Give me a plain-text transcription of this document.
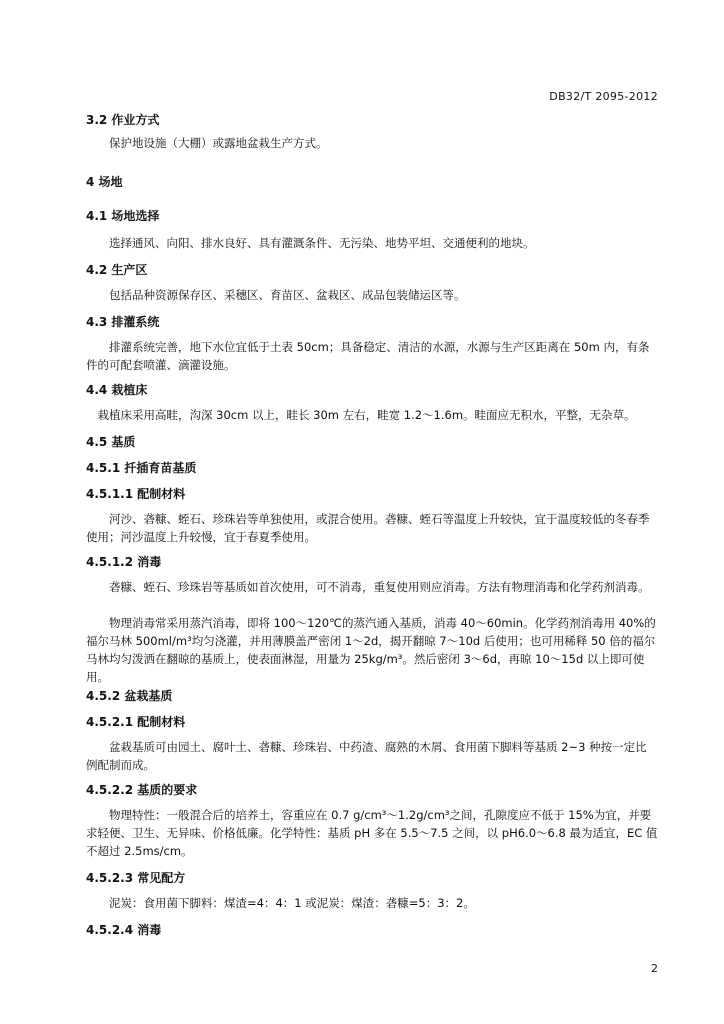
DB32/T 2095-2012

3.2 作业方式

保护地设施（大棚）或露地盆栽生产方式。

4 场地

4.1 场地选择

选择通风、向阳、排水良好、具有灌溉条件、无污染、地势平坦、交通便利的地块。

4.2 生产区

包括品种资源保存区、采穗区、育苗区、盆栽区、成品包装储运区等。

4.3 排灌系统

排灌系统完善，地下水位宜低于土表 50cm；具备稳定、清洁的水源，水源与生产区距离在 50m 内，有条件的可配套喷灌、滴灌设施。

4.4 栽植床

栽植床采用高畦，沟深 30cm 以上，畦长 30m 左右，畦宽 1.2～1.6m。畦面应无积水，平整，无杂草。

4.5 基质

4.5.1 扦插育苗基质

4.5.1.1 配制材料

河沙、砻糠、蛭石、珍珠岩等单独使用，或混合使用。砻糠、蛭石等温度上升较快，宜于温度较低的冬春季使用；河沙温度上升较慢，宜于春夏季使用。

4.5.1.2 消毒

砻糠、蛭石、珍珠岩等基质如首次使用，可不消毒，重复使用则应消毒。方法有物理消毒和化学药剂消毒。

物理消毒常采用蒸汽消毒，即将 100～120℃的蒸汽通入基质，消毒 40～60min。化学药剂消毒用 40%的福尔马林 500ml/m³均匀浇灌，并用薄膜盖严密闭 1～2d，揭开翻晾 7～10d 后使用；也可用稀释 50 倍的福尔马林均匀泼洒在翻晾的基质上，使表面淋湿，用量为 25kg/m³。然后密闭 3～6d，再晾 10～15d 以上即可使用。

4.5.2 盆栽基质

4.5.2.1 配制材料

盆栽基质可由园土、腐叶土、砻糠、珍珠岩、中药渣、腐熟的木屑、食用菌下脚料等基质 2~3 种按一定比例配制而成。

4.5.2.2 基质的要求

物理特性：一般混合后的培养土，容重应在 0.7 g/cm³～1.2g/cm³之间，孔隙度应不低于 15%为宜，并要求轻便、卫生、无异味、价格低廉。化学特性：基质 pH 多在 5.5～7.5 之间，以 pH6.0～6.8 最为适宜，EC 值不超过 2.5ms/cm。

4.5.2.3 常见配方

泥炭：食用菌下脚料：煤渣=4：4：1 或泥炭：煤渣：砻糠=5：3：2。

4.5.2.4 消毒

2
